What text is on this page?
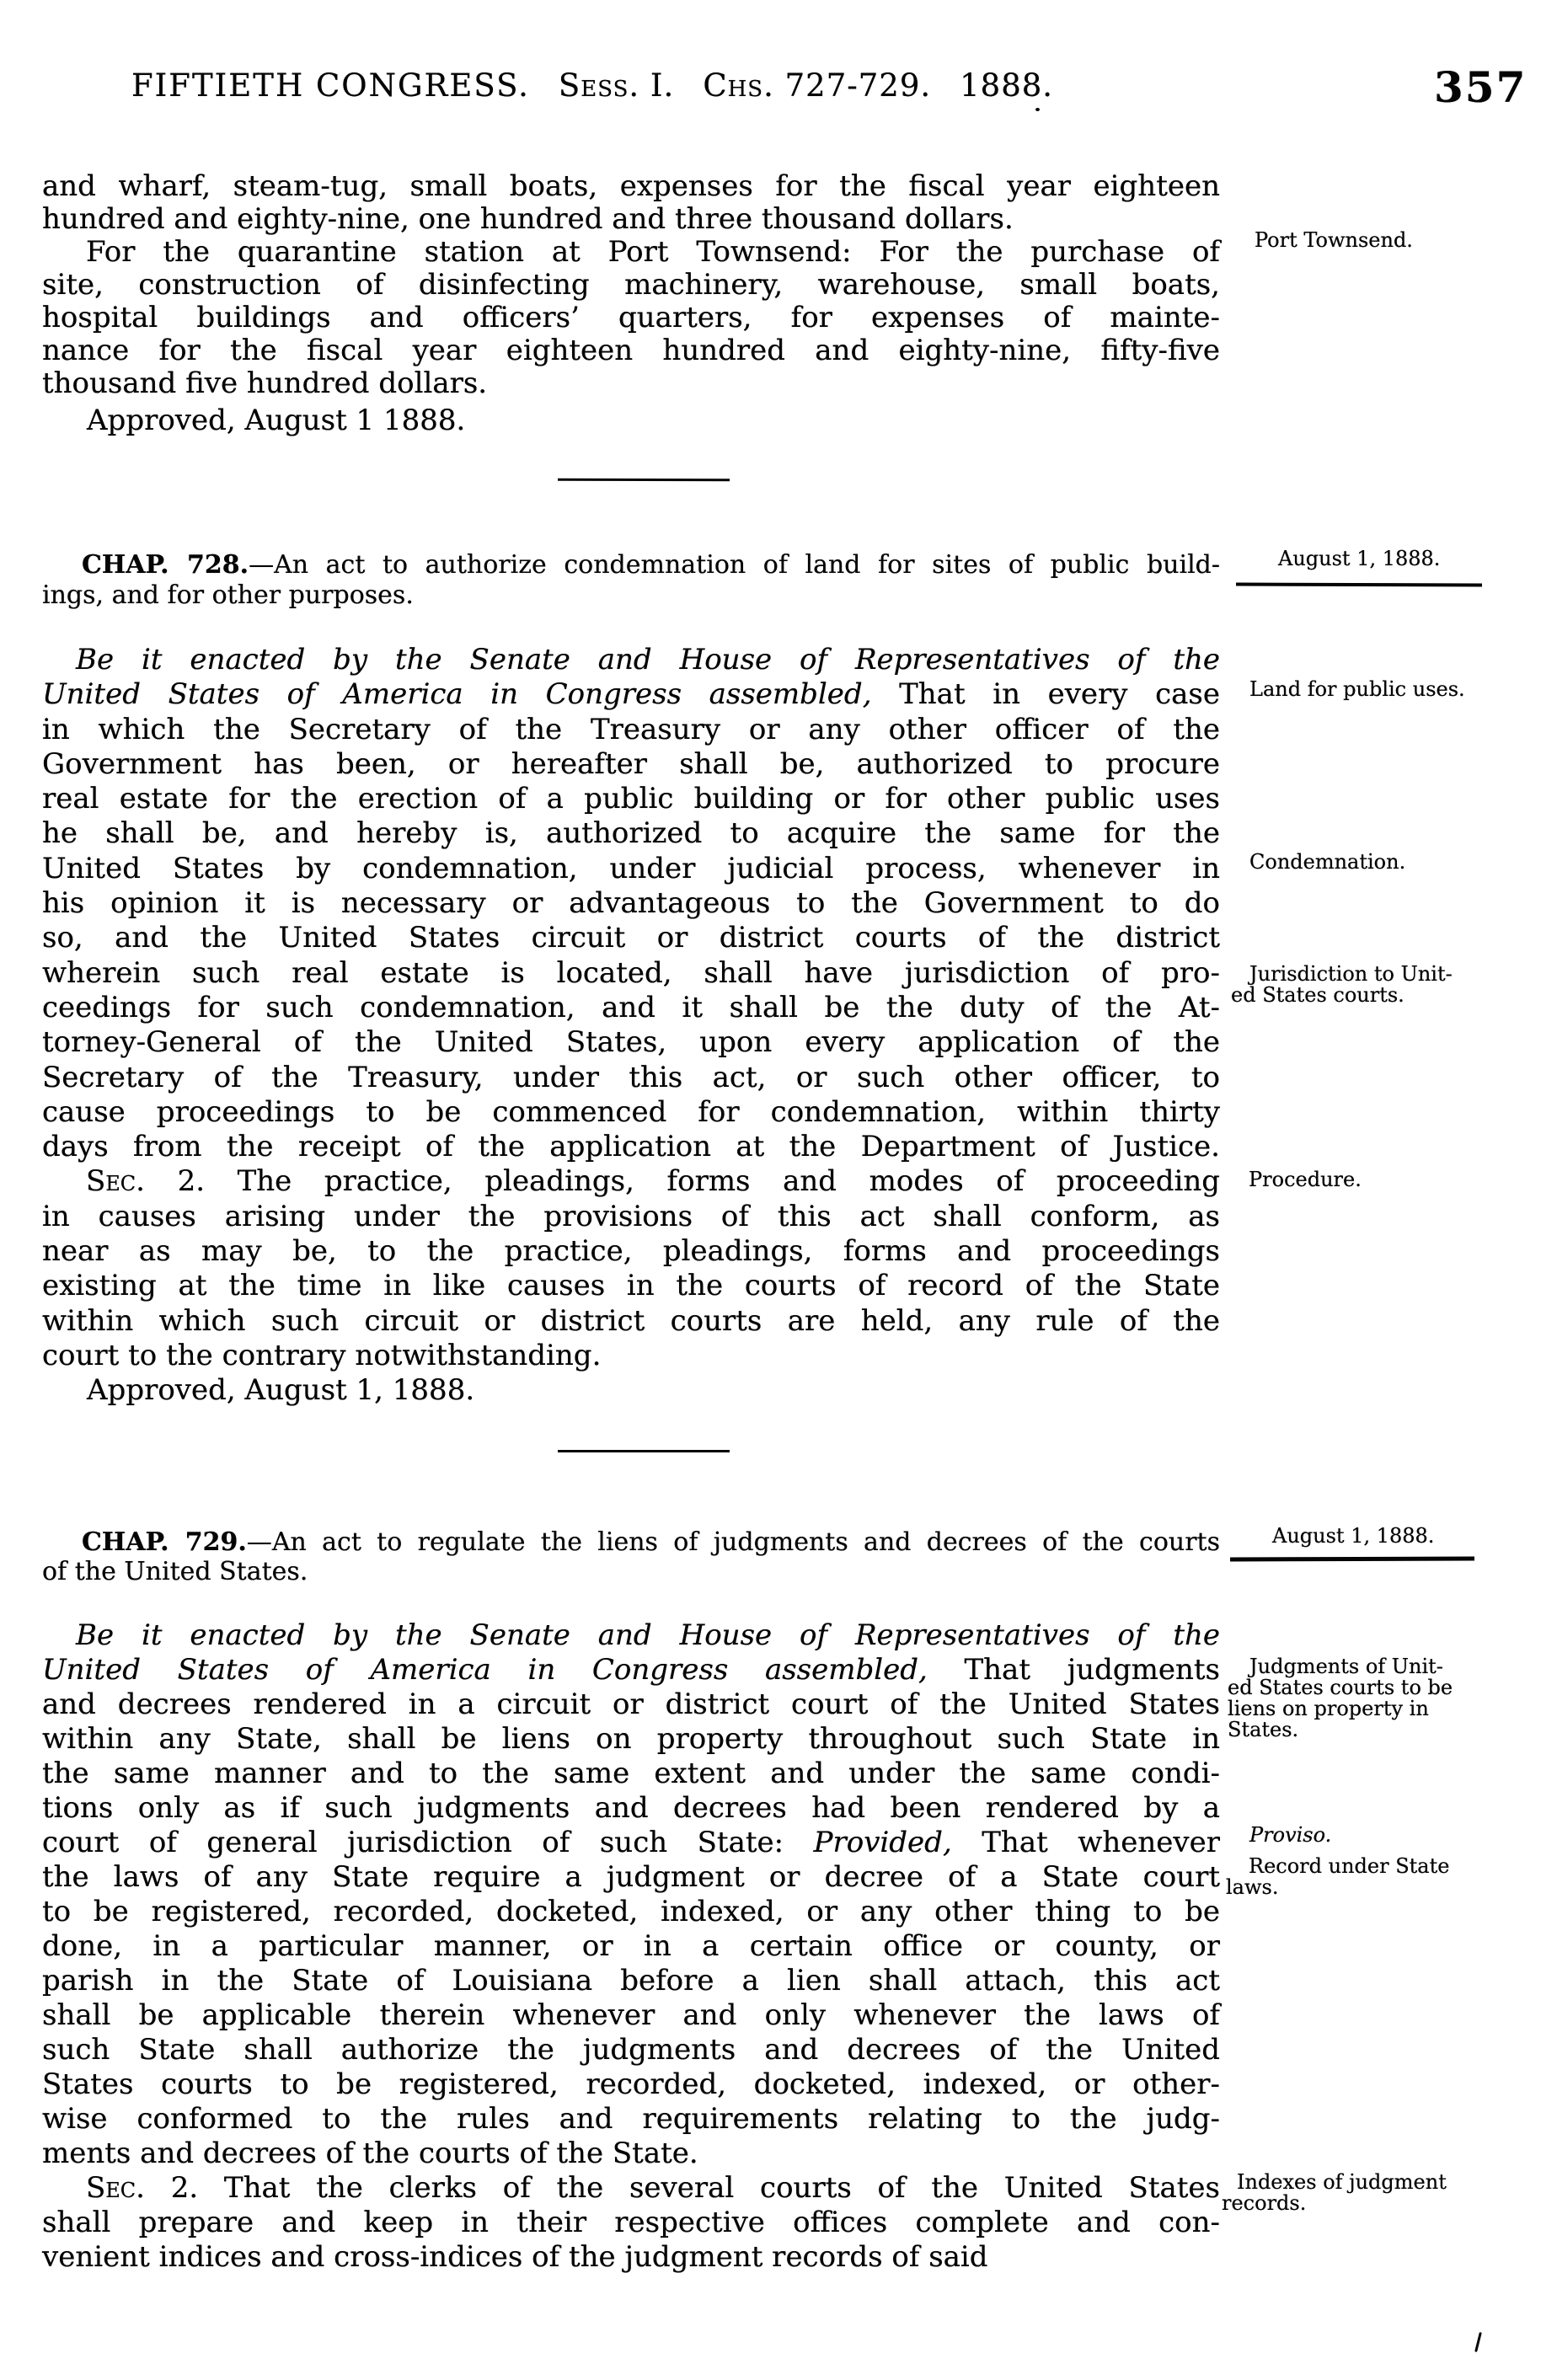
FIFTIETH CONGRESS. Sess. I. Chs. 727-729. 1888.	357
and wharf, steam-tug, small boats, expenses for the fiscal year eighteen
hundred and eighty-nine, one hundred and three thousand dollars.
For the quarantine station at Port Townsend: For the purchase of
site, construction of disinfecting machinery, warehouse, small boats,
hospital buildings and officers’ quarters, for expenses of mainte-
nance for the fiscal year eighteen hundred and eighty-nine, fifty-five
thousand five hundred dollars.
Approved, August 1 1888.
CHAP. 728.—An act to authorize condemnation of land for sites of public build-
ings, and for other purposes.
Be it enacted by the Senate and House of Representatives of the
United States of America in Congress assembled, That in every case
in which the Secretary of the Treasury or any other officer of the
Government has been, or hereafter shall be, authorized to procure
real estate for the erection of a public building or for other public uses
he shall be, and hereby is, authorized to acquire the same for the
United States by condemnation, under judicial process, whenever in
his opinion it is necessary or advantageous to the Government to do
so, and the United States circuit or district courts of the district
wherein such real estate is located, shall have jurisdiction of pro-
ceedings for such condemnation, and it shall be the duty of the At-
torney-General of the United States, upon every application of the
Secretary of the Treasury, under this act, or such other officer, to
cause proceedings to be commenced for condemnation, within thirty
days from the receipt of the application at the Department of Justice.
Sec. 2. The practice, pleadings, forms and modes of proceeding
in causes arising under the provisions of this act shall conform, as
near as may be, to the practice, pleadings, forms and proceedings
existing at the time in like causes in the courts of record of the State
within which such circuit or district courts are held, any rule of the
court to the contrary notwithstanding.
Approved, August 1, 1888.
CHAP. 729.—An act to regulate the liens of judgments and decrees of the courts
of the United States.
Be it enacted by the Senate and House of Representatives of the
United States of America in Congress assembled, That judgments
and decrees rendered in a circuit or district court of the United States
within any State, shall be liens on property throughout such State in
the same manner and to the same extent and under the same condi-
tions only as if such judgments and decrees had been rendered by a
court of general jurisdiction of such State: Provided, That whenever
the laws of any State require a judgment or decree of a State court
to be registered, recorded, docketed, indexed, or any other thing to be
done, in a particular manner, or in a certain office or county, or
parish in the State of Louisiana before a lien shall attach, this act
shall be applicable therein whenever and only whenever the laws of
such State shall authorize the judgments and decrees of the United
States courts to be registered, recorded, docketed, indexed, or other-
wise conformed to the rules and requirements relating to the judg-
ments and decrees of the courts of the State.
Sec. 2. That the clerks of the several courts of the United States
shall prepare and keep in their respective offices complete and con-
venient indices and cross-indices of the judgment records of said
Port Townsend.
August 1, 1888.
Land for public uses.
Condemnation.
Jurisdiction to Unit-
ed States courts.
Procedure.
August 1, 1888.
Judgments of Unit-
ed States courts to be
liens on property in
States.
Proviso.
Record under State
laws.
Indexes of judgment
records.
